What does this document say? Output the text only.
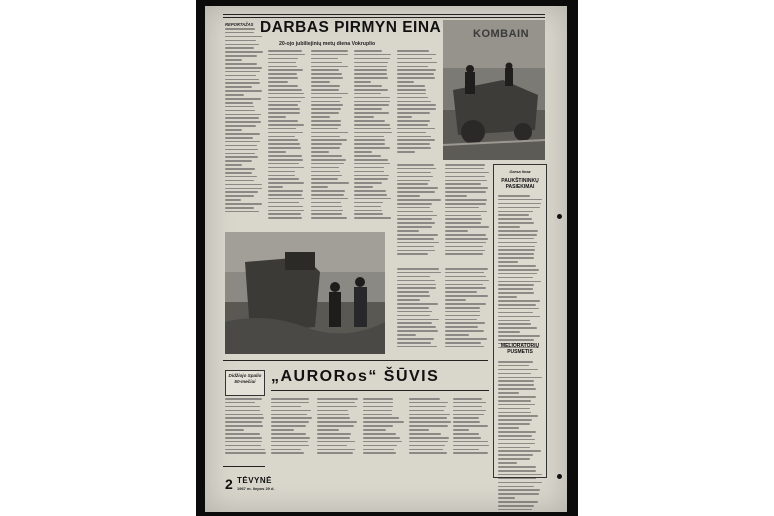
REPORTAŽAS DARBAS PIRMYN EINA
20-ojo jubiliejinių metų diena Vokruplio
KOMBAIN
Garsa linaz
PAUKŠTININKŲ PASIEKIMAI
MELIORATORIŲ PUSMETIS
„AURORos“ ŠŪVIS
Didžiojo Spalio 50-mečiui
2 TĖVYNĖ
1967 m. liepos 29 d.
